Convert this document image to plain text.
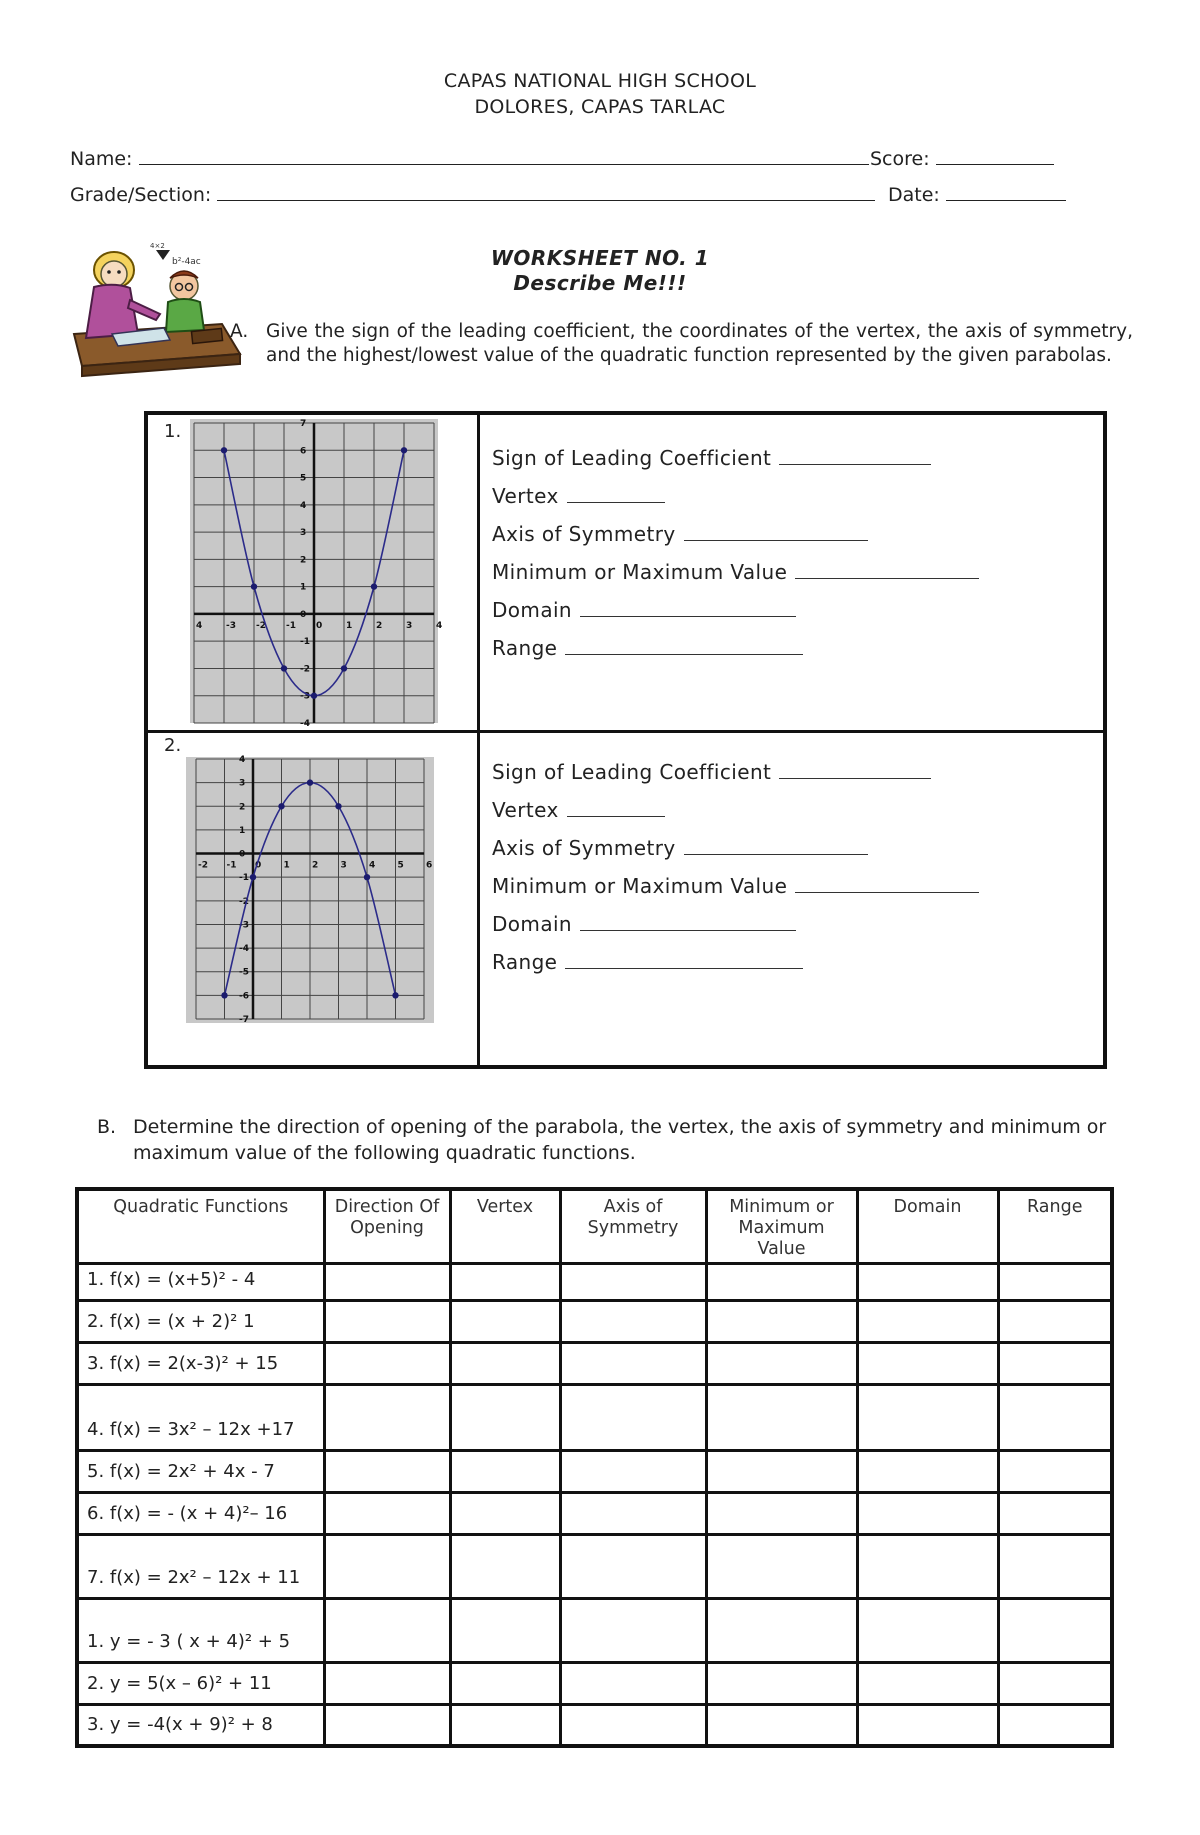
CAPAS NATIONAL HIGH SCHOOL
DOLORES, CAPAS TARLAC
Name:	Score:
Grade/Section:	Date:
b²-4ac
4×2	WORKSHEET NO. 1
Describe Me!!!
A. Give the sign of the leading coefficient, the coordinates of the vertex, the axis of symmetry, and the highest/lowest value of the quadratic function represented by the given parabolas.
1.
2.
4	-3 -2 -1 0	1	2	3	4
7
6
5
4
3
2
1
0
-1
-2
-3
-4
-2 -1 0 1 2 3 4 5 6
4
3
2
1
0
-1
-2
-3
-4
-5
-6
-7
Sign of Leading Coefficient
Vertex
Axis of Symmetry
Minimum or Maximum Value
Domain
Range
Sign of Leading Coefficient
Vertex
Axis of Symmetry
Minimum or Maximum Value
Domain
Range
B. Determine the direction of opening of the parabola, the vertex, the axis of symmetry and minimum or maximum value of the following quadratic functions.
Quadratic Functions	Direction Of Opening	Vertex	Axis of Symmetry	Minimum or Maximum Value	Domain	Range
1. f(x) = (x+5)² - 4						
2. f(x) = (x + 2)² 1						
3. f(x) = 2(x-3)² + 15						
4. f(x) = 3x² – 12x +17						
5. f(x) = 2x² + 4x - 7						
6. f(x) = - (x + 4)²– 16						
7. f(x) = 2x² – 12x + 11						
1. y = - 3 ( x + 4)² + 5						
2. y = 5(x – 6)² + 11						
3. y = -4(x + 9)² + 8						
